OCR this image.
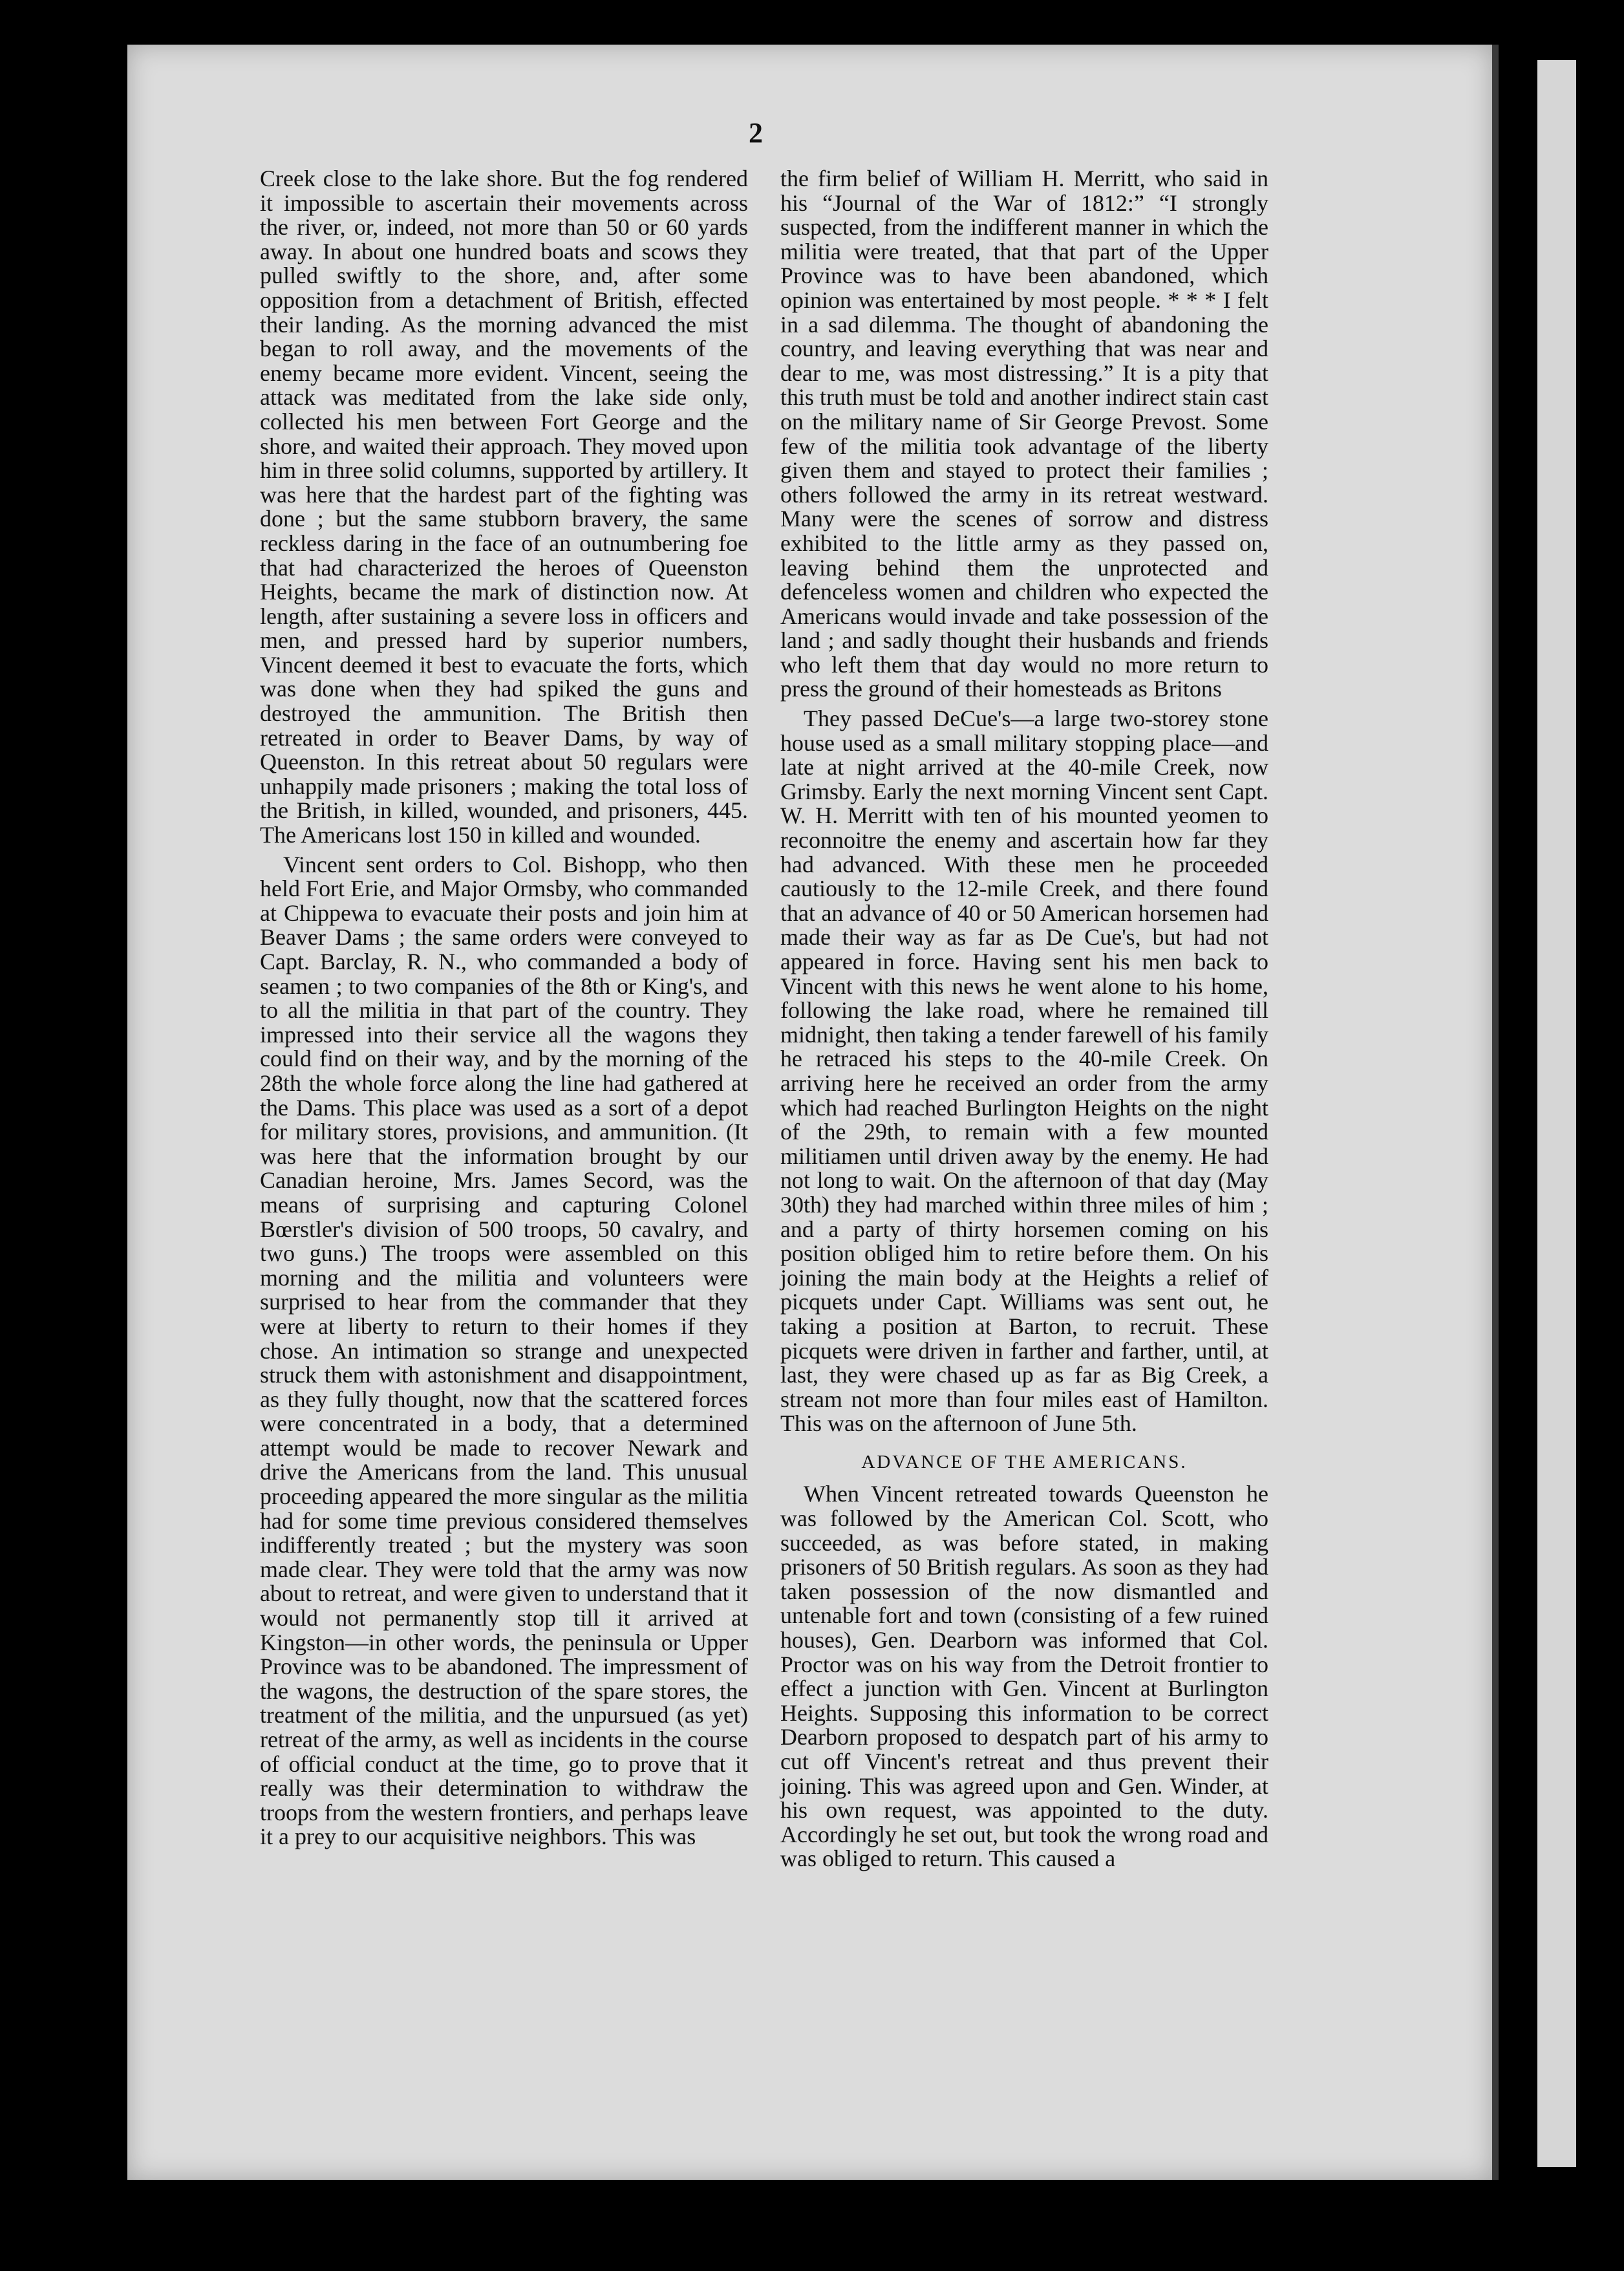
2

Creek close to the lake shore. But the fog rendered it impossible to ascertain their movements across the river, or, indeed, not more than 50 or 60 yards away. In about one hundred boats and scows they pulled swiftly to the shore, and, after some opposition from a detachment of British, effected their landing. As the morning advanced the mist began to roll away, and the movements of the enemy became more evident. Vincent, seeing the attack was meditated from the lake side only, collected his men between Fort George and the shore, and waited their approach. They moved upon him in three solid columns, supported by artillery. It was here that the hardest part of the fighting was done ; but the same stubborn bravery, the same reckless daring in the face of an outnumbering foe that had characterized the heroes of Queenston Heights, became the mark of distinction now. At length, after sustaining a severe loss in officers and men, and pressed hard by superior numbers, Vincent deemed it best to evacuate the forts, which was done when they had spiked the guns and destroyed the ammunition. The British then retreated in order to Beaver Dams, by way of Queenston. In this retreat about 50 regulars were unhappily made prisoners ; making the total loss of the British, in killed, wounded, and prisoners, 445. The Americans lost 150 in killed and wounded.

Vincent sent orders to Col. Bishopp, who then held Fort Erie, and Major Ormsby, who commanded at Chippewa to evacuate their posts and join him at Beaver Dams ; the same orders were conveyed to Capt. Barclay, R. N., who commanded a body of seamen ; to two companies of the 8th or King's, and to all the militia in that part of the country. They impressed into their service all the wagons they could find on their way, and by the morning of the 28th the whole force along the line had gathered at the Dams. This place was used as a sort of a depot for military stores, provisions, and ammunition. (It was here that the information brought by our Canadian heroine, Mrs. James Secord, was the means of surprising and capturing Colonel Bœrstler's division of 500 troops, 50 cavalry, and two guns.) The troops were assembled on this morning and the militia and volunteers were surprised to hear from the commander that they were at liberty to return to their homes if they chose. An intimation so strange and unexpected struck them with astonishment and disappointment, as they fully thought, now that the scattered forces were concentrated in a body, that a determined attempt would be made to recover Newark and drive the Americans from the land. This unusual proceeding appeared the more singular as the militia had for some time previous considered themselves indifferently treated ; but the mystery was soon made clear. They were told that the army was now about to retreat, and were given to understand that it would not permanently stop till it arrived at Kingston—in other words, the peninsula or Upper Province was to be abandoned. The impressment of the wagons, the destruction of the spare stores, the treatment of the militia, and the unpursued (as yet) retreat of the army, as well as incidents in the course of official conduct at the time, go to prove that it really was their determination to withdraw the troops from the western frontiers, and perhaps leave it a prey to our acquisitive neighbors. This was

the firm belief of William H. Merritt, who said in his “Journal of the War of 1812:” “I strongly suspected, from the indifferent manner in which the militia were treated, that that part of the Upper Province was to have been abandoned, which opinion was entertained by most people. * * * I felt in a sad dilemma. The thought of abandoning the country, and leaving everything that was near and dear to me, was most distressing.” It is a pity that this truth must be told and another indirect stain cast on the military name of Sir George Prevost. Some few of the militia took advantage of the liberty given them and stayed to protect their families ; others followed the army in its retreat westward. Many were the scenes of sorrow and distress exhibited to the little army as they passed on, leaving behind them the unprotected and defenceless women and children who expected the Americans would invade and take possession of the land ; and sadly thought their husbands and friends who left them that day would no more return to press the ground of their homesteads as Britons

They passed DeCue's—a large two-storey stone house used as a small military stopping place—and late at night arrived at the 40-mile Creek, now Grimsby. Early the next morning Vincent sent Capt. W. H. Merritt with ten of his mounted yeomen to reconnoitre the enemy and ascertain how far they had advanced. With these men he proceeded cautiously to the 12-mile Creek, and there found that an advance of 40 or 50 American horsemen had made their way as far as De Cue's, but had not appeared in force. Having sent his men back to Vincent with this news he went alone to his home, following the lake road, where he remained till midnight, then taking a tender farewell of his family he retraced his steps to the 40-mile Creek. On arriving here he received an order from the army which had reached Burlington Heights on the night of the 29th, to remain with a few mounted militiamen until driven away by the enemy. He had not long to wait. On the afternoon of that day (May 30th) they had marched within three miles of him ; and a party of thirty horsemen coming on his position obliged him to retire before them. On his joining the main body at the Heights a relief of picquets under Capt. Williams was sent out, he taking a position at Barton, to recruit. These picquets were driven in farther and farther, until, at last, they were chased up as far as Big Creek, a stream not more than four miles east of Hamilton. This was on the afternoon of June 5th.

ADVANCE OF THE AMERICANS.

When Vincent retreated towards Queenston he was followed by the American Col. Scott, who succeeded, as was before stated, in making prisoners of 50 British regulars. As soon as they had taken possession of the now dismantled and untenable fort and town (consisting of a few ruined houses), Gen. Dearborn was informed that Col. Proctor was on his way from the Detroit frontier to effect a junction with Gen. Vincent at Burlington Heights. Supposing this information to be correct Dearborn proposed to despatch part of his army to cut off Vincent's retreat and thus prevent their joining. This was agreed upon and Gen. Winder, at his own request, was appointed to the duty. Accordingly he set out, but took the wrong road and was obliged to return. This caused a
